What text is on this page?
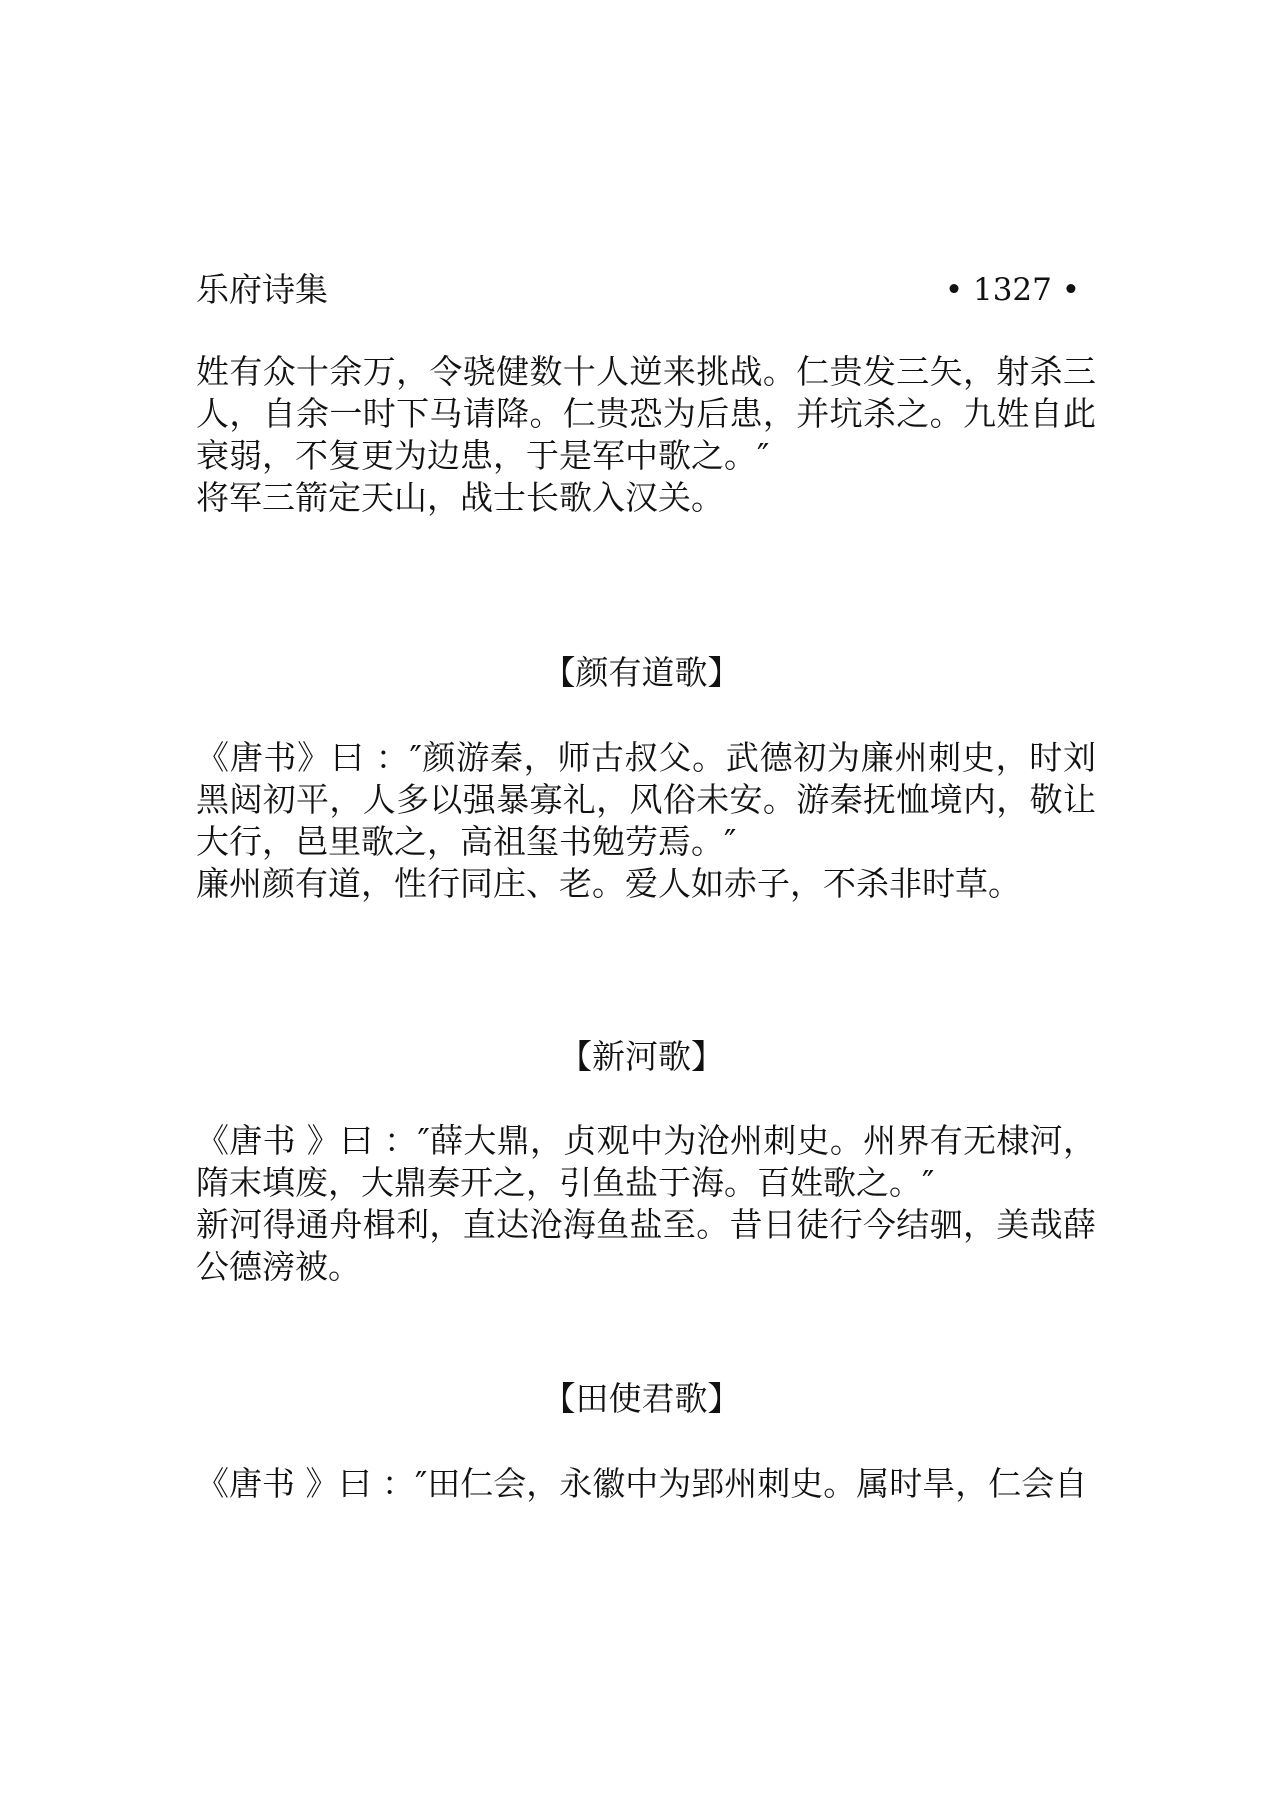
乐府诗集	• 1327 •

姓有众十余万，令骁健数十人逆来挑战。仁贵发三矢，射杀三人，自余一时下马请降。仁贵恐为后患，并坑杀之。九姓自此衰弱，不复更为边患，于是军中歌之。″

将军三箭定天山，战士长歌入汉关。

【颜有道歌】

《唐书》曰 ：″颜游秦，师古叔父。武德初为廉州刺史，时刘黑闼初平，人多以强暴寡礼，风俗未安。游秦抚恤境内，敬让大行，邑里歌之，高祖玺书勉劳焉。″

廉州颜有道，性行同庄、老。爱人如赤子，不杀非时草。

【新河歌】

《唐书 》曰 ：″薛大鼎，贞观中为沧州刺史。州界有无棣河，隋末填废，大鼎奏开之，引鱼盐于海。百姓歌之。″

新河得通舟楫利，直达沧海鱼盐至。昔日徒行今结驷，美哉薛公德滂被。

【田使君歌】

《唐书 》曰 ：″田仁会，永徽中为郢州刺史。属时旱，仁会自
